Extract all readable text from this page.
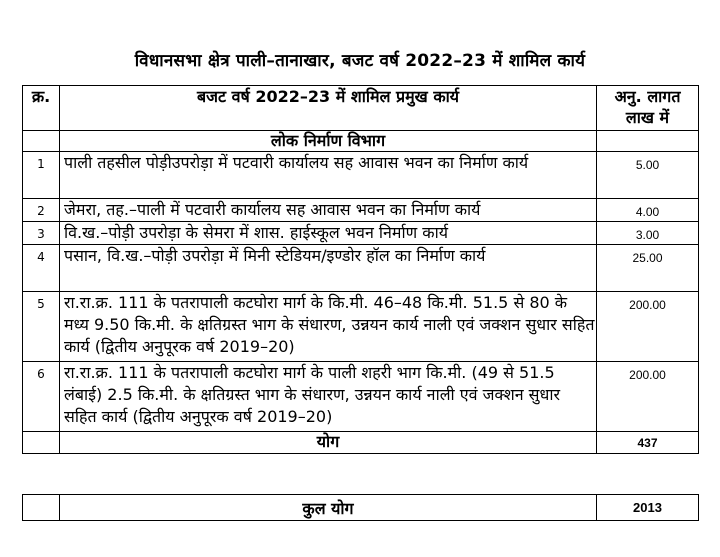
विधानसभा क्षेत्र पाली–तानाखार, बजट वर्ष 2022–23 में शामिल कार्य
क्र.	बजट वर्ष 2022–23 में शामिल प्रमुख कार्य	अनु. लागत
लाख में

	लोक निर्माण विभाग	
1	पाली तहसील पोड़ीउपरोड़ा में पटवारी कार्यालय सह आवास भवन का निर्माण कार्य	5.00
2	जेमरा, तह.–पाली में पटवारी कार्यालय सह आवास भवन का निर्माण कार्य	4.00
3	वि.ख.–पोड़ी उपरोड़ा के सेमरा में शास. हाईस्कूल भवन निर्माण कार्य	3.00
4	पसान, वि.ख.–पोड़ी उपरोड़ा में मिनी स्टेडियम/इण्डोर हॉल का निर्माण कार्य	25.00
5	रा.रा.क्र. 111 के पतरापाली कटघोरा मार्ग के कि.मी. 46–48 कि.मी. 51.5 से 80 के मध्य 9.50 कि.मी. के क्षतिग्रस्त भाग के संधारण, उन्नयन कार्य नाली एवं जक्शन सुधार सहित कार्य (द्वितीय अनुपूरक वर्ष 2019–20)	200.00
6	रा.रा.क्र. 111 के पतरापाली कटघोरा मार्ग के पाली शहरी भाग कि.मी. (49 से 51.5 लंबाई) 2.5 कि.मी. के क्षतिग्रस्त भाग के संधारण, उन्नयन कार्य नाली एवं जक्शन सुधार सहित कार्य (द्वितीय अनुपूरक वर्ष 2019–20)	200.00
	योग	437
	कुल योग	2013
